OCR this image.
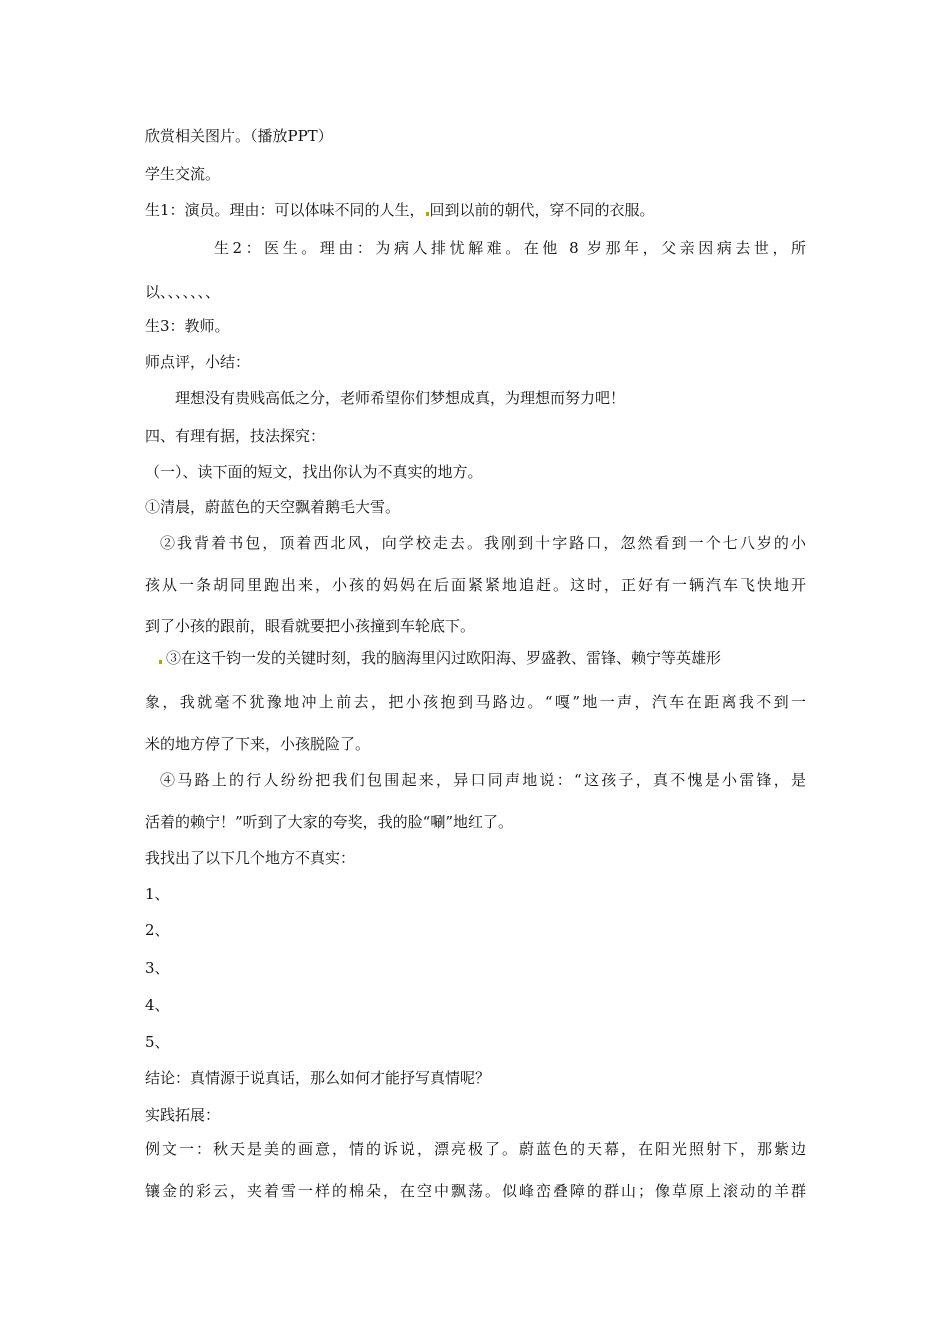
欣赏相关图片。（播放PPT）
学生交流。
生1：演员。理由：可以体味不同的人生， 回到以前的朝代，穿不同的衣服。
生2：医生。理由：为病人排忧解难。在他 8 岁那年，父亲因病去世，所
以、、、、、、、
生3：教师。
师点评，小结：
理想没有贵贱高低之分，老师希望你们梦想成真，为理想而努力吧！
四、有理有据，技法探究：
（一）、读下面的短文，找出你认为不真实的地方。
①清晨，蔚蓝色的天空飘着鹅毛大雪。
②我背着书包，顶着西北风，向学校走去。我刚到十字路口，忽然看到一个七八岁的小
孩从一条胡同里跑出来，小孩的妈妈在后面紧紧地追赶。这时，正好有一辆汽车飞快地开
到了小孩的跟前，眼看就要把小孩撞到车轮底下。
③在这千钧一发的关键时刻，我的脑海里闪过欧阳海、罗盛教、雷锋、赖宁等英雄形
象，我就毫不犹豫地冲上前去，把小孩抱到马路边。“嘎”地一声，汽车在距离我不到一
米的地方停了下来，小孩脱险了。
④马路上的行人纷纷把我们包围起来，异口同声地说：“这孩子，真不愧是小雷锋，是
活着的赖宁！”听到了大家的夸奖，我的脸“唰”地红了。
我找出了以下几个地方不真实：
1、
2、
3、
4、
5、
结论：真情源于说真话，那么如何才能抒写真情呢？
实践拓展：
例文一：秋天是美的画意，情的诉说，漂亮极了。蔚蓝色的天幕，在阳光照射下，那紫边
镶金的彩云，夹着雪一样的棉朵，在空中飘荡。似峰峦叠障的群山；像草原上滚动的羊群
